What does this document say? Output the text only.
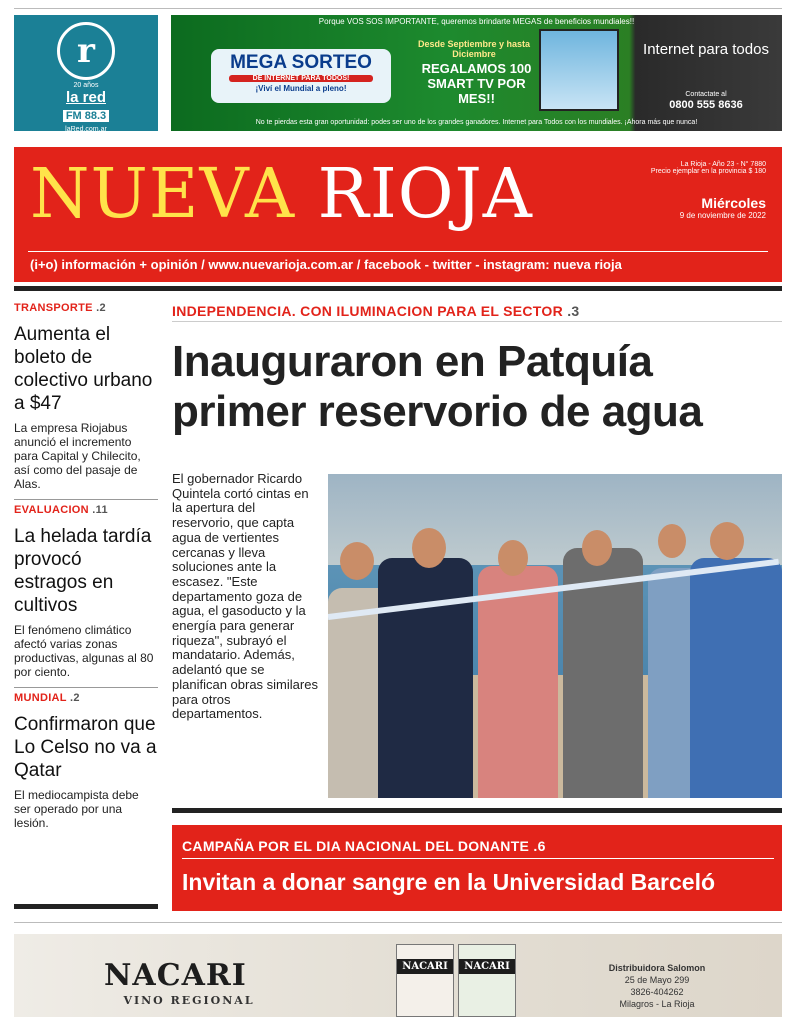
r
20 años
la red
FM 88.3
laRed.com.ar
Porque VOS SOS IMPORTANTE, queremos brindarte MEGAS de beneficios mundiales!!
MEGA SORTEO
DE INTERNET PARA TODOS!
¡Viví el Mundial a pleno!
Desde Septiembre y hasta Diciembre
REGALAMOS 100 SMART TV POR MES!!
Internet para todos
Contactate al
0800 555 8636
No te pierdas esta gran oportunidad: podes ser uno de los grandes ganadores. Internet para Todos con los mundiales. ¡Ahora más que nunca!
NUEVA RIOJA	La Rioja - Año 23 - N° 7880
Precio ejemplar en la provincia $ 180
Miércoles
9 de noviembre de 2022
(i+o) información + opinión / www.nuevarioja.com.ar / facebook - twitter - instagram: nueva rioja
TRANSPORTE .2
Aumenta el boleto de colectivo urbano a $47
La empresa Riojabus anunció el incremento para Capital y Chilecito, así como del pasaje de Alas.
EVALUACION .11
La helada tardía provocó estragos en cultivos
El fenómeno climático afectó varias zonas productivas, algunas al 80 por ciento.
MUNDIAL .2
Confirmaron que Lo Celso no va a Qatar
El mediocampista debe ser operado por una lesión.
INDEPENDENCIA. CON ILUMINACION PARA EL SECTOR .3
Inauguraron en Patquía primer reservorio de agua
El gobernador Ricardo Quintela cortó cintas en la apertura del reservorio, que capta agua de vertientes cercanas y lleva soluciones ante la escasez. "Este departamento goza de agua, el gasoducto y la energía para generar riqueza", subrayó el mandatario. Además, adelantó que se planifican obras similares para otros departamentos.
CAMPAÑA POR EL DIA NACIONAL DEL DONANTE .6
Invitan a donar sangre en la Universidad Barceló
NACARI
VINO REGIONAL
NACARI	NACARI	Distribuidora Salomon
25 de Mayo 299
3826-404262
Milagros - La Rioja
